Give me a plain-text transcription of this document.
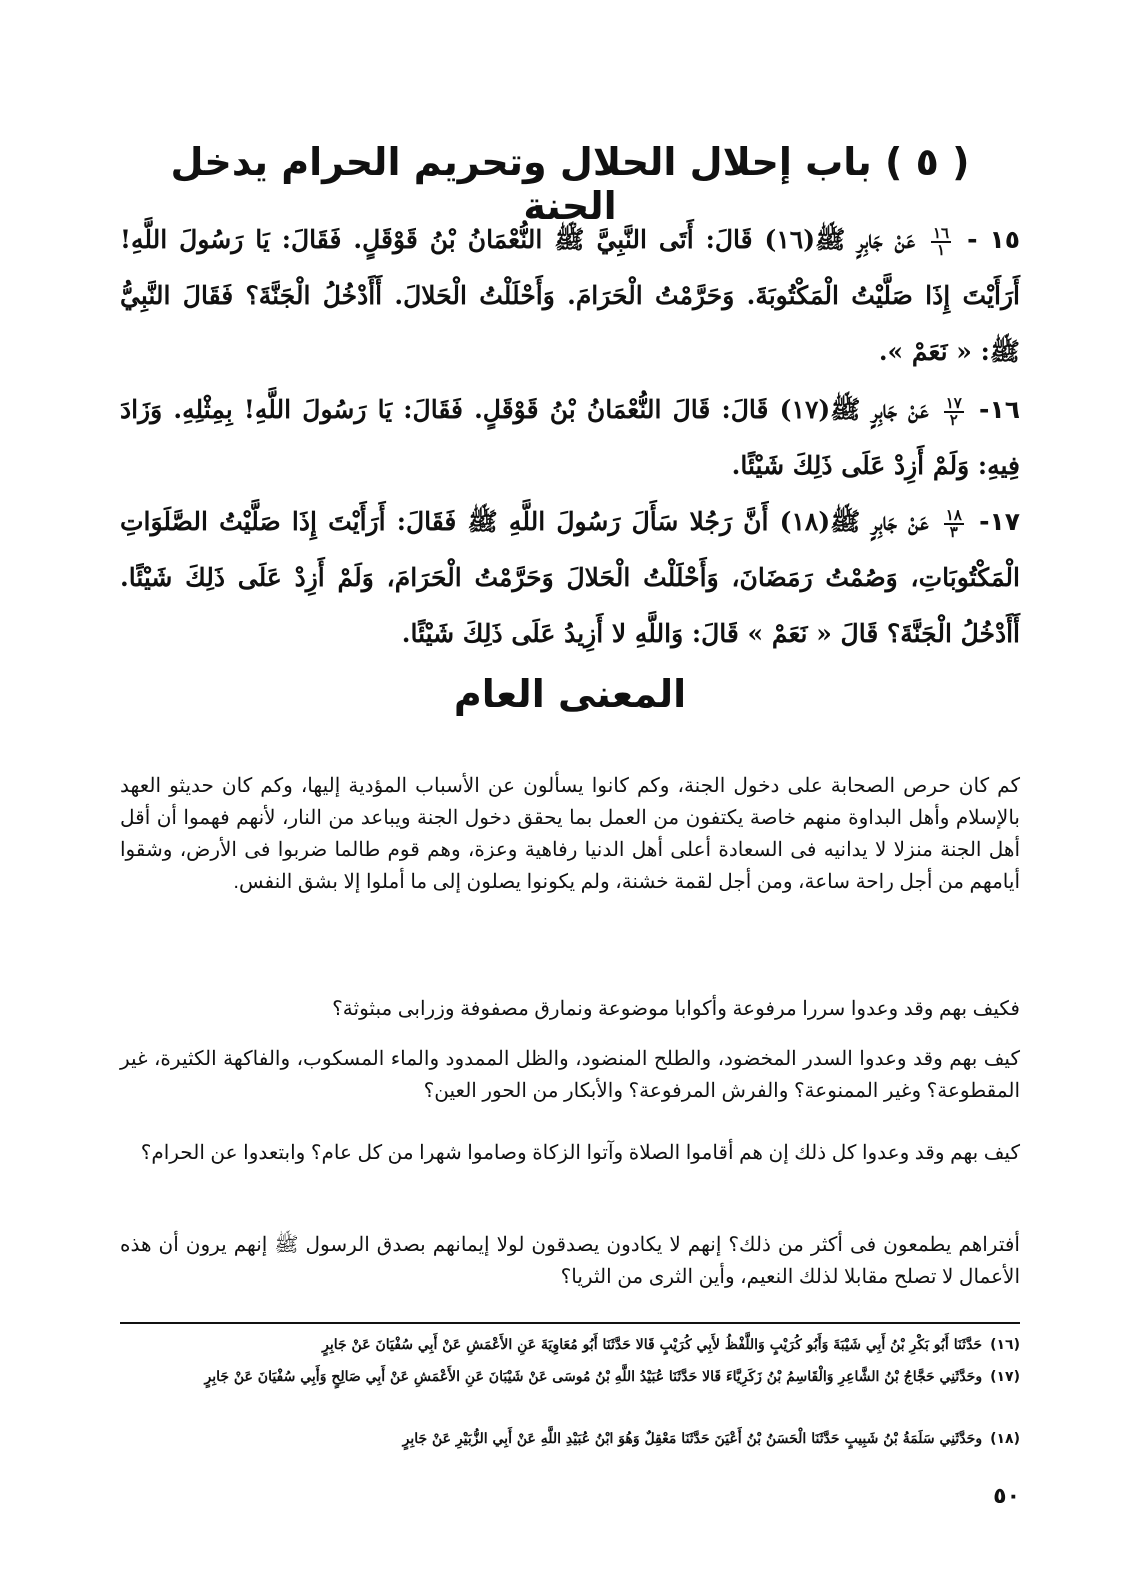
( ٥ ) باب إحلال الحلال وتحريم الحرام يدخل الجنة

١٥ -
$\frac{١٦}{١}$
عَنْ جَابِرٍ ﷺ(١٦) قَالَ: أَتَى النَّبِيَّ ﷺ النُّعْمَانُ بْنُ قَوْقَلٍ. فَقَالَ: يَا رَسُولَ اللَّهِ! أَرَأَيْتَ إِذَا صَلَّيْتُ الْمَكْتُوبَةَ. وَحَرَّمْتُ الْحَرَامَ. وَأَحْلَلْتُ الْحَلالَ. أَأَدْخُلُ الْجَنَّةَ؟ فَقَالَ النَّبِيُّ ﷺ: « نَعَمْ ».

١٦-
$\frac{١٧}{٢}$
عَنْ جَابِرٍ ﷺ(١٧) قَالَ: قَالَ النُّعْمَانُ بْنُ قَوْقَلٍ. فَقَالَ: يَا رَسُولَ اللَّهِ! بِمِثْلِهِ. وَزَادَ فِيهِ: وَلَمْ أَزِدْ عَلَى ذَلِكَ شَيْئًا.

١٧-
$\frac{١٨}{٣}$
عَنْ جَابِرٍ ﷺ(١٨) أَنَّ رَجُلا سَأَلَ رَسُولَ اللَّهِ ﷺ فَقَالَ: أَرَأَيْتَ إِذَا صَلَّيْتُ الصَّلَوَاتِ الْمَكْتُوبَاتِ، وَصُمْتُ رَمَضَانَ، وَأَحْلَلْتُ الْحَلالَ وَحَرَّمْتُ الْحَرَامَ، وَلَمْ أَزِدْ عَلَى ذَلِكَ شَيْئًا. أَأَدْخُلُ الْجَنَّةَ؟ قَالَ « نَعَمْ » قَالَ: وَاللَّهِ لا أَزِيدُ عَلَى ذَلِكَ شَيْئًا.

المعنى العام

كم كان حرص الصحابة على دخول الجنة، وكم كانوا يسألون عن الأسباب المؤدية إليها، وكم كان حديثو العهد بالإسلام وأهل البداوة منهم خاصة يكتفون من العمل بما يحقق دخول الجنة ويباعد من النار، لأنهم فهموا أن أقل أهل الجنة منزلا لا يدانيه فى السعادة أعلى أهل الدنيا رفاهية وعزة، وهم قوم طالما ضربوا فى الأرض، وشقوا أيامهم من أجل راحة ساعة، ومن أجل لقمة خشنة، ولم يكونوا يصلون إلى ما أملوا إلا بشق النفس.

فكيف بهم وقد وعدوا سررا مرفوعة وأكوابا موضوعة ونمارق مصفوفة وزرابى مبثوثة؟

كيف بهم وقد وعدوا السدر المخضود، والطلح المنضود، والظل الممدود والماء المسكوب، والفاكهة الكثيرة، غير المقطوعة؟ وغير الممنوعة؟ والفرش المرفوعة؟ والأبكار من الحور العين؟

كيف بهم وقد وعدوا كل ذلك إن هم أقاموا الصلاة وآتوا الزكاة وصاموا شهرا من كل عام؟ وابتعدوا عن الحرام؟

أفتراهم يطمعون فى أكثر من ذلك؟ إنهم لا يكادون يصدقون لولا إيمانهم بصدق الرسول ﷺ إنهم يرون أن هذه الأعمال لا تصلح مقابلا لذلك النعيم، وأين الثرى من الثريا؟

(١٦)حَدَّثَنَا أَبُو بَكْرِ بْنُ أَبِي شَيْبَةَ وَأَبُو كُرَيْبٍ وَاللَّفْظُ لأَبِي كُرَيْبٍ قَالا حَدَّثَنَا أَبُو مُعَاوِيَةَ عَنِ الأَعْمَشِ عَنْ أَبِي سُفْيَانَ عَنْ جَابِرٍ

(١٧)وحَدَّثَنِي حَجَّاجُ بْنُ الشَّاعِرِ وَالْقَاسِمُ بْنُ زَكَرِيَّاءَ قَالا حَدَّثَنَا عُبَيْدُ اللَّهِ بْنُ مُوسَى عَنْ شَيْبَانَ عَنِ الأَعْمَشِ عَنْ أَبِي صَالِحٍ وَأَبِي سُفْيَانَ عَنْ جَابِرٍ

(١٨)وحَدَّثَنِي سَلَمَةُ بْنُ شَبِيبٍ حَدَّثَنَا الْحَسَنُ بْنُ أَعْيَنَ حَدَّثَنَا مَعْقِلٌ وَهُوَ ابْنُ عُبَيْدِ اللَّهِ عَنْ أَبِي الزُّبَيْرِ عَنْ جَابِرٍ

٥٠
